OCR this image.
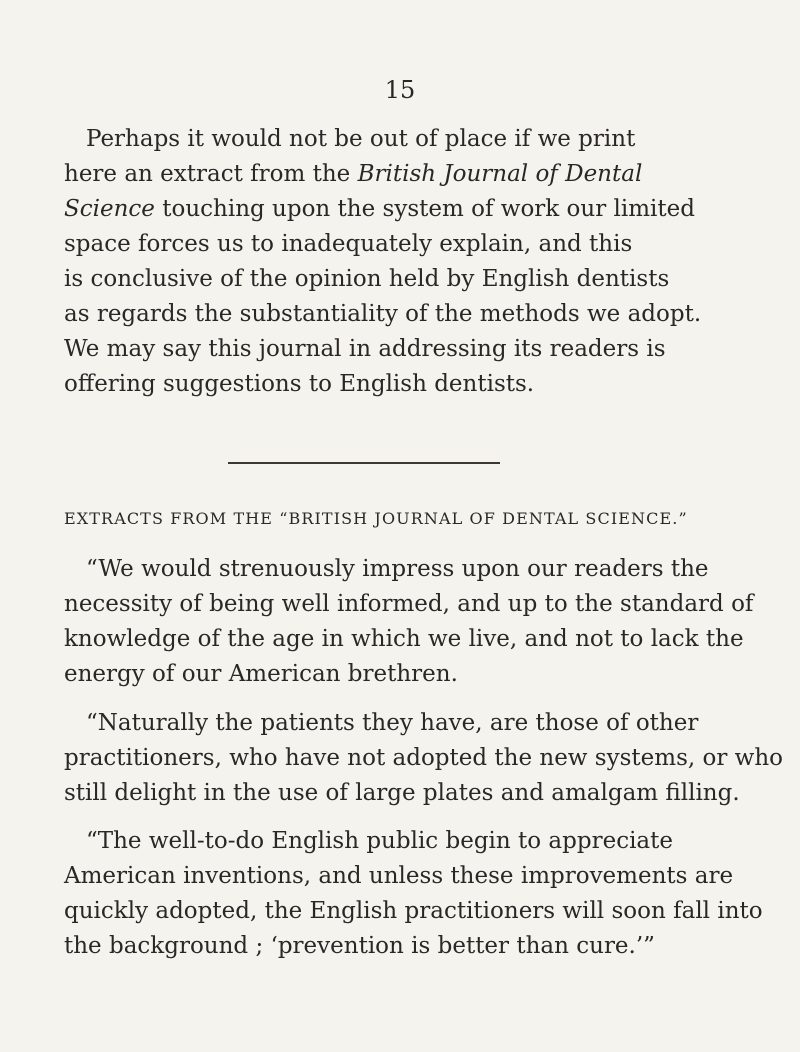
15
Perhaps it would not be out of place if we print
here an extract from the British Journal of Dental
Science touching upon the system of work our limited
space forces us to inadequately explain, and this
is conclusive of the opinion held by English dentists
as regards the substantiality of the methods we adopt.
We may say this journal in addressing its readers is
offering suggestions to English dentists.
EXTRACTS FROM THE “BRITISH JOURNAL OF DENTAL SCIENCE.”
“We would strenuously impress upon our readers the
necessity of being well informed, and up to the standard of
knowledge of the age in which we live, and not to lack the
energy of our American brethren.
“Naturally the patients they have, are those of other
practitioners, who have not adopted the new systems, or who
still delight in the use of large plates and amalgam filling.
“The well-to-do English public begin to appreciate
American inventions, and unless these improvements are
quickly adopted, the English practitioners will soon fall into
the background ; ‘prevention is better than cure.’”
